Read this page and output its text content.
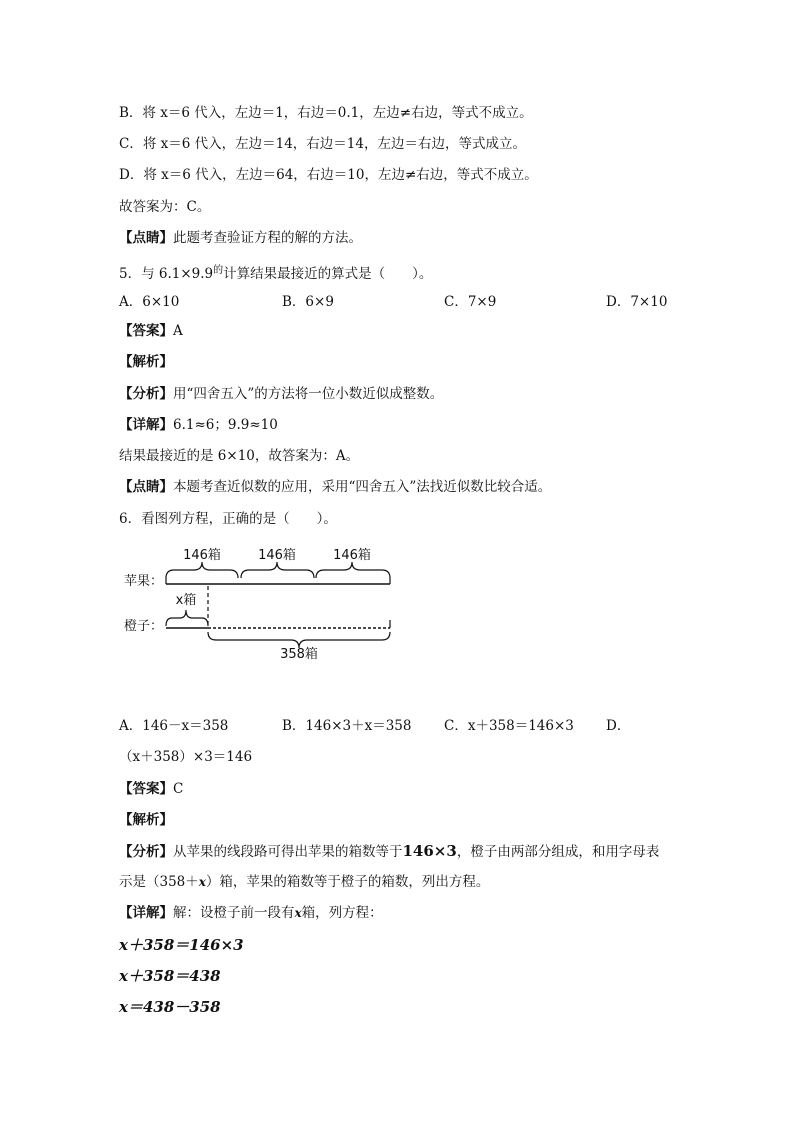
B．将 x＝6 代入，左边＝1，右边＝0.1，左边≠右边，等式不成立。
C．将 x＝6 代入，左边＝14，右边＝14，左边＝右边，等式成立。
D．将 x＝6 代入，左边＝64，右边＝10，左边≠右边，等式不成立。
故答案为：C。
【点睛】此题考查验证方程的解的方法。
5．与 $6.1\times 9.9^的$计算结果最接近的算式是（　　）。
A．6×10	B．6×9	C．7×9	D．7×10
【答案】A
【解析】
【分析】用“四舍五入”的方法将一位小数近似成整数。
【详解】6.1≈6；9.9≈10
结果最接近的是 6×10，故答案为：A。
【点睛】本题考查近似数的应用，采用“四舍五入”法找近似数比较合适。
6．看图列方程，正确的是（　　）。
苹果：
橙子：
146箱	146箱	146箱
x箱
358箱
A．146－x＝358	B．146×3＋x＝358 C．x＋358＝146×3 D．
（x＋358）×3＝146
【答案】C
【解析】
【分析】从苹果的线段路可得出苹果的箱数等于146×3，橙子由两部分组成，和用字母表
示是（358＋x）箱，苹果的箱数等于橙子的箱数，列出方程。
【详解】解：设橙子前一段有x箱，列方程：
x＋358＝146×3
x＋358＝438
x＝438－358
